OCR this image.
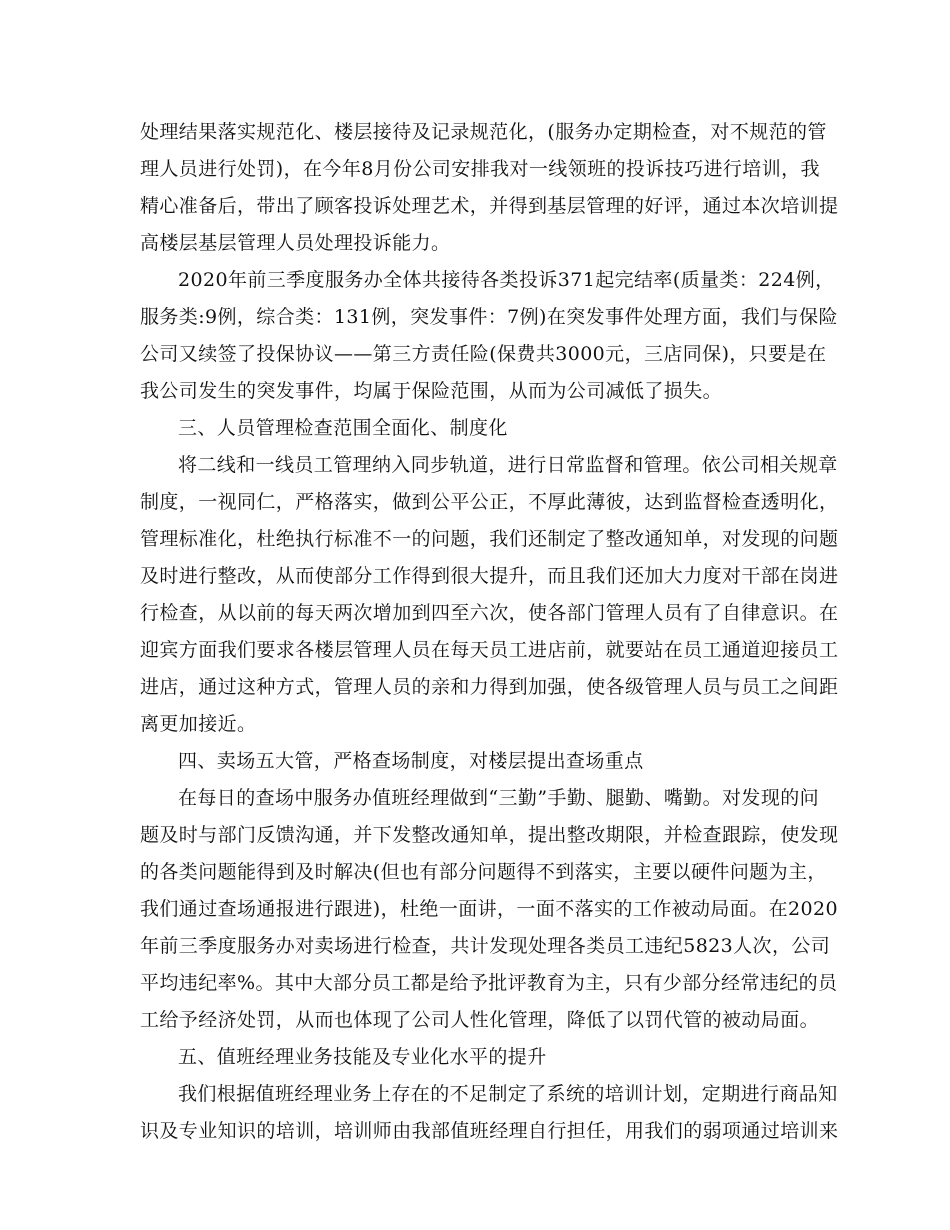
处理结果落实规范化、楼层接待及记录规范化，(服务办定期检查，对不规范的管
理人员进行处罚)，在今年8月份公司安排我对一线领班的投诉技巧进行培训，我
精心准备后，带出了顾客投诉处理艺术，并得到基层管理的好评，通过本次培训提
高楼层基层管理人员处理投诉能力。
2020年前三季度服务办全体共接待各类投诉371起完结率(质量类：224例，
服务类:9例，综合类：131例，突发事件：7例)在突发事件处理方面，我们与保险
公司又续签了投保协议——第三方责任险(保费共3000元，三店同保)，只要是在
我公司发生的突发事件，均属于保险范围，从而为公司减低了损失。
三、人员管理检查范围全面化、制度化
将二线和一线员工管理纳入同步轨道，进行日常监督和管理。依公司相关规章
制度，一视同仁，严格落实，做到公平公正，不厚此薄彼，达到监督检查透明化，
管理标准化，杜绝执行标准不一的问题，我们还制定了整改通知单，对发现的问题
及时进行整改，从而使部分工作得到很大提升，而且我们还加大力度对干部在岗进
行检查，从以前的每天两次增加到四至六次，使各部门管理人员有了自律意识。在
迎宾方面我们要求各楼层管理人员在每天员工进店前，就要站在员工通道迎接员工
进店，通过这种方式，管理人员的亲和力得到加强，使各级管理人员与员工之间距
离更加接近。
四、卖场五大管，严格查场制度，对楼层提出查场重点
在每日的查场中服务办值班经理做到“三勤”手勤、腿勤、嘴勤。对发现的问
题及时与部门反馈沟通，并下发整改通知单，提出整改期限，并检查跟踪，使发现
的各类问题能得到及时解决(但也有部分问题得不到落实，主要以硬件问题为主，
我们通过查场通报进行跟进)，杜绝一面讲，一面不落实的工作被动局面。在2020
年前三季度服务办对卖场进行检查，共计发现处理各类员工违纪5823人次，公司
平均违纪率%。其中大部分员工都是给予批评教育为主，只有少部分经常违纪的员
工给予经济处罚，从而也体现了公司人性化管理，降低了以罚代管的被动局面。
五、值班经理业务技能及专业化水平的提升
我们根据值班经理业务上存在的不足制定了系统的培训计划，定期进行商品知
识及专业知识的培训，培训师由我部值班经理自行担任，用我们的弱项通过培训来
